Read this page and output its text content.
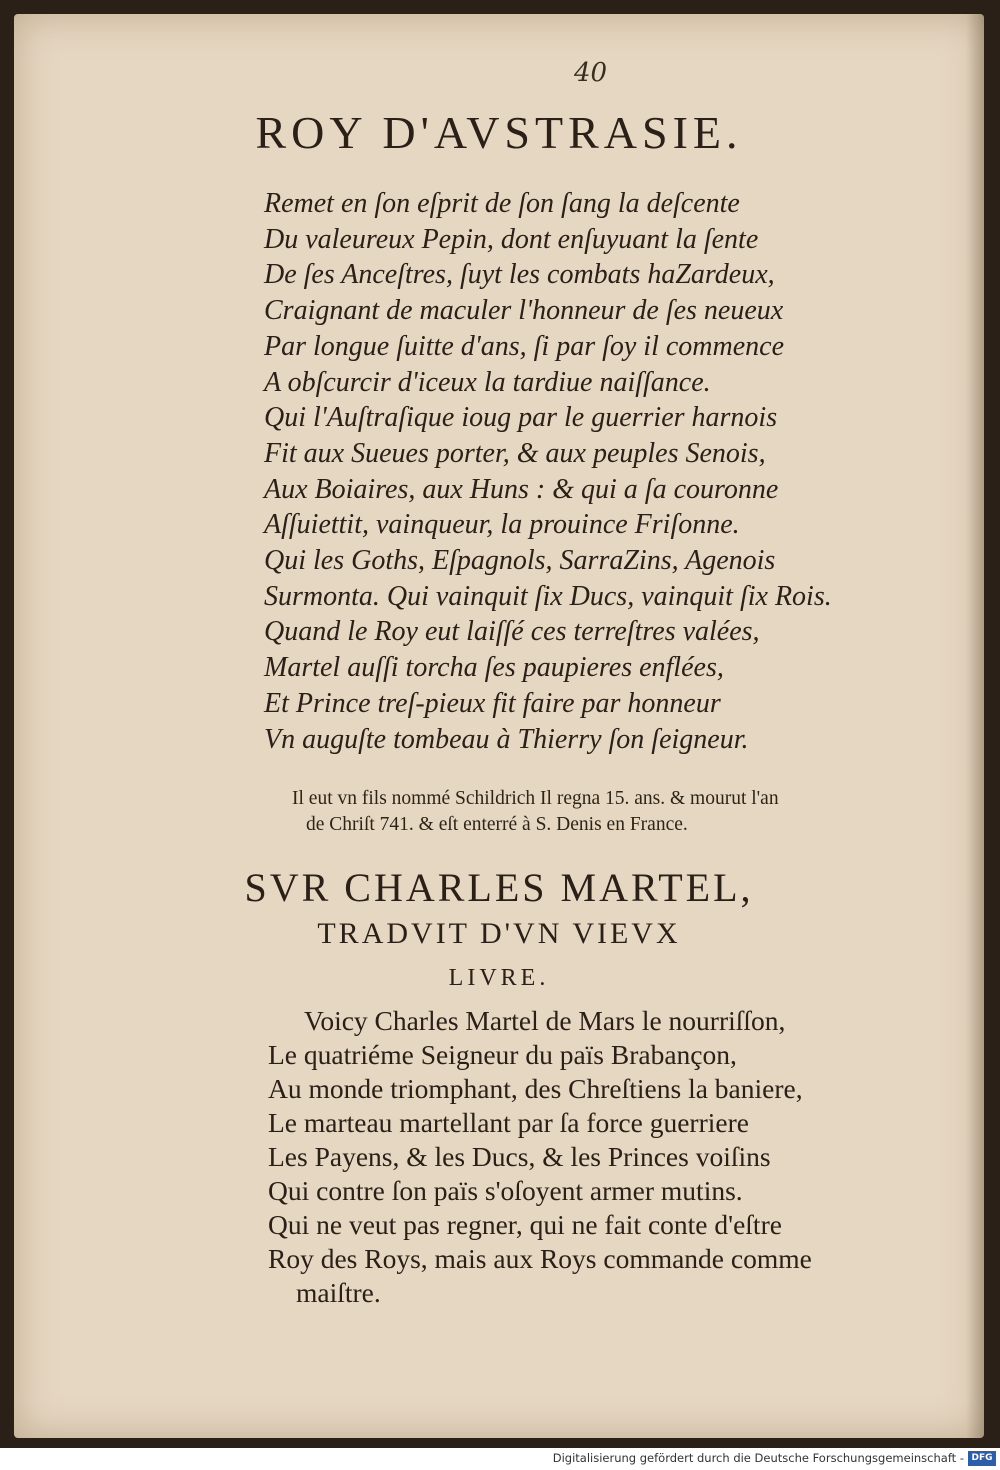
40
ROY D'AVSTRASIE.
Remet en ſon eſprit de ſon ſang la deſcente
Du valeureux Pepin, dont enſuyuant la ſente
De ſes Anceſtres, ſuyt les combats haZardeux,
Craignant de maculer l'honneur de ſes neueux
Par longue ſuitte d'ans, ſi par ſoy il commence
A obſcurcir d'iceux la tardiue naiſſance.
Qui l'Auſtraſique ioug par le guerrier harnois
Fit aux Sueues porter, & aux peuples Senois,
Aux Boiaires, aux Huns : & qui a ſa couronne
Aſſuiettit, vainqueur, la prouince Friſonne.
Qui les Goths, Eſpagnols, SarraZins, Agenois
Surmonta. Qui vainquit ſix Ducs, vainquit ſix Rois.
Quand le Roy eut laiſſé ces terreſtres valées,
Martel auſſi torcha ſes paupieres enflées,
Et Prince treſ-pieux fit faire par honneur
Vn auguſte tombeau à Thierry ſon ſeigneur.
Il eut vn fils nommé Schildrich Il regna 15. ans. & mourut l'an
de Chriſt 741. & eſt enterré à S. Denis en France.
SVR CHARLES MARTEL,
TRADVIT D'VN VIEVX
LIVRE.
Voicy Charles Martel de Mars le nourriſſon,
Le quatriéme Seigneur du païs Brabançon,
Au monde triomphant, des Chreſtiens la baniere,
Le marteau martellant par ſa force guerriere
Les Payens, & les Ducs, & les Princes voiſins
Qui contre ſon païs s'oſoyent armer mutins.
Qui ne veut pas regner, qui ne fait conte d'eſtre
Roy des Roys, mais aux Roys commande comme
maiſtre.
Digitalisierung gefördert durch die Deutsche Forschungsgemeinschaft - DFG
